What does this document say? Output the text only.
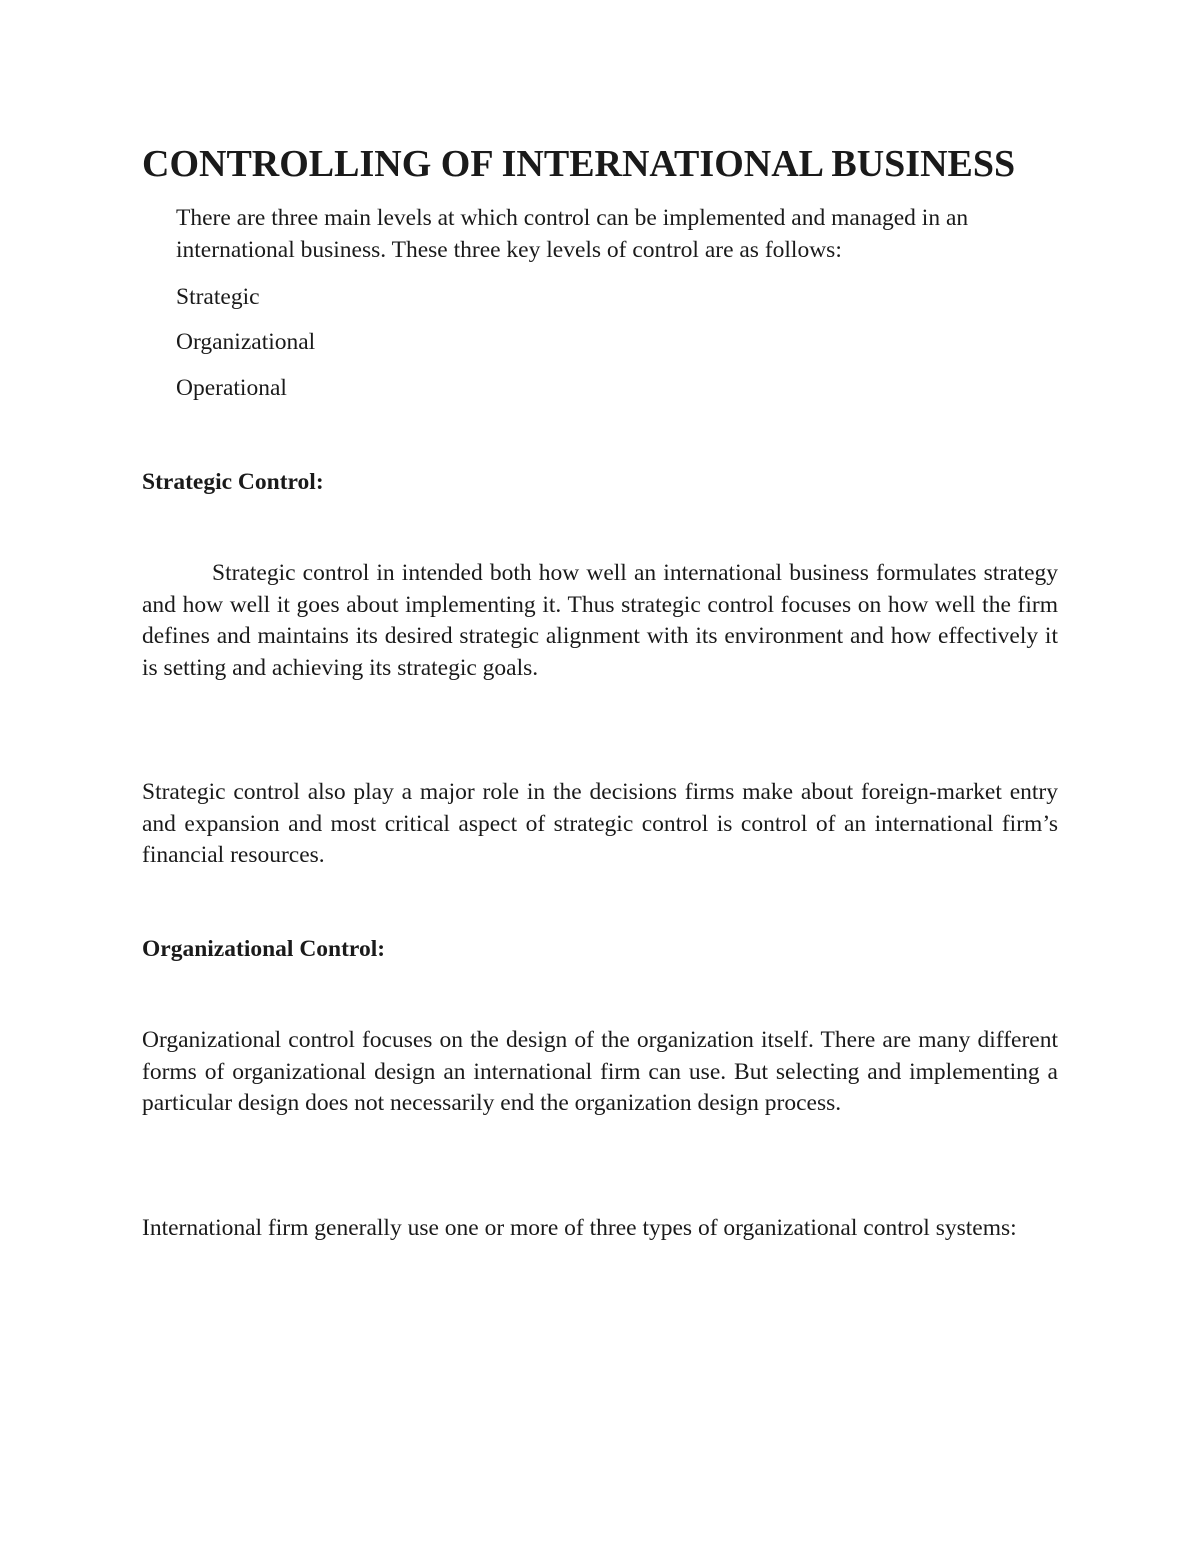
CONTROLLING OF INTERNATIONAL BUSINESS

There are three main levels at which control can be implemented and managed in an international business. These three key levels of control are as follows:

Strategic

Organizational

Operational

Strategic Control:

Strategic control in intended both how well an international business formulates strategy and how well it goes about implementing it. Thus strategic control focuses on how well the firm defines and maintains its desired strategic alignment with its environment and how effectively it is setting and achieving its strategic goals.

Strategic control also play a major role in the decisions firms make about foreign-market entry and expansion and most critical aspect of strategic control is control of an international firm’s financial resources.

Organizational Control:

Organizational control focuses on the design of the organization itself. There are many different forms of organizational design an international firm can use. But selecting and implementing a particular design does not necessarily end the organization design process.

International firm generally use one or more of three types of organizational control systems:
